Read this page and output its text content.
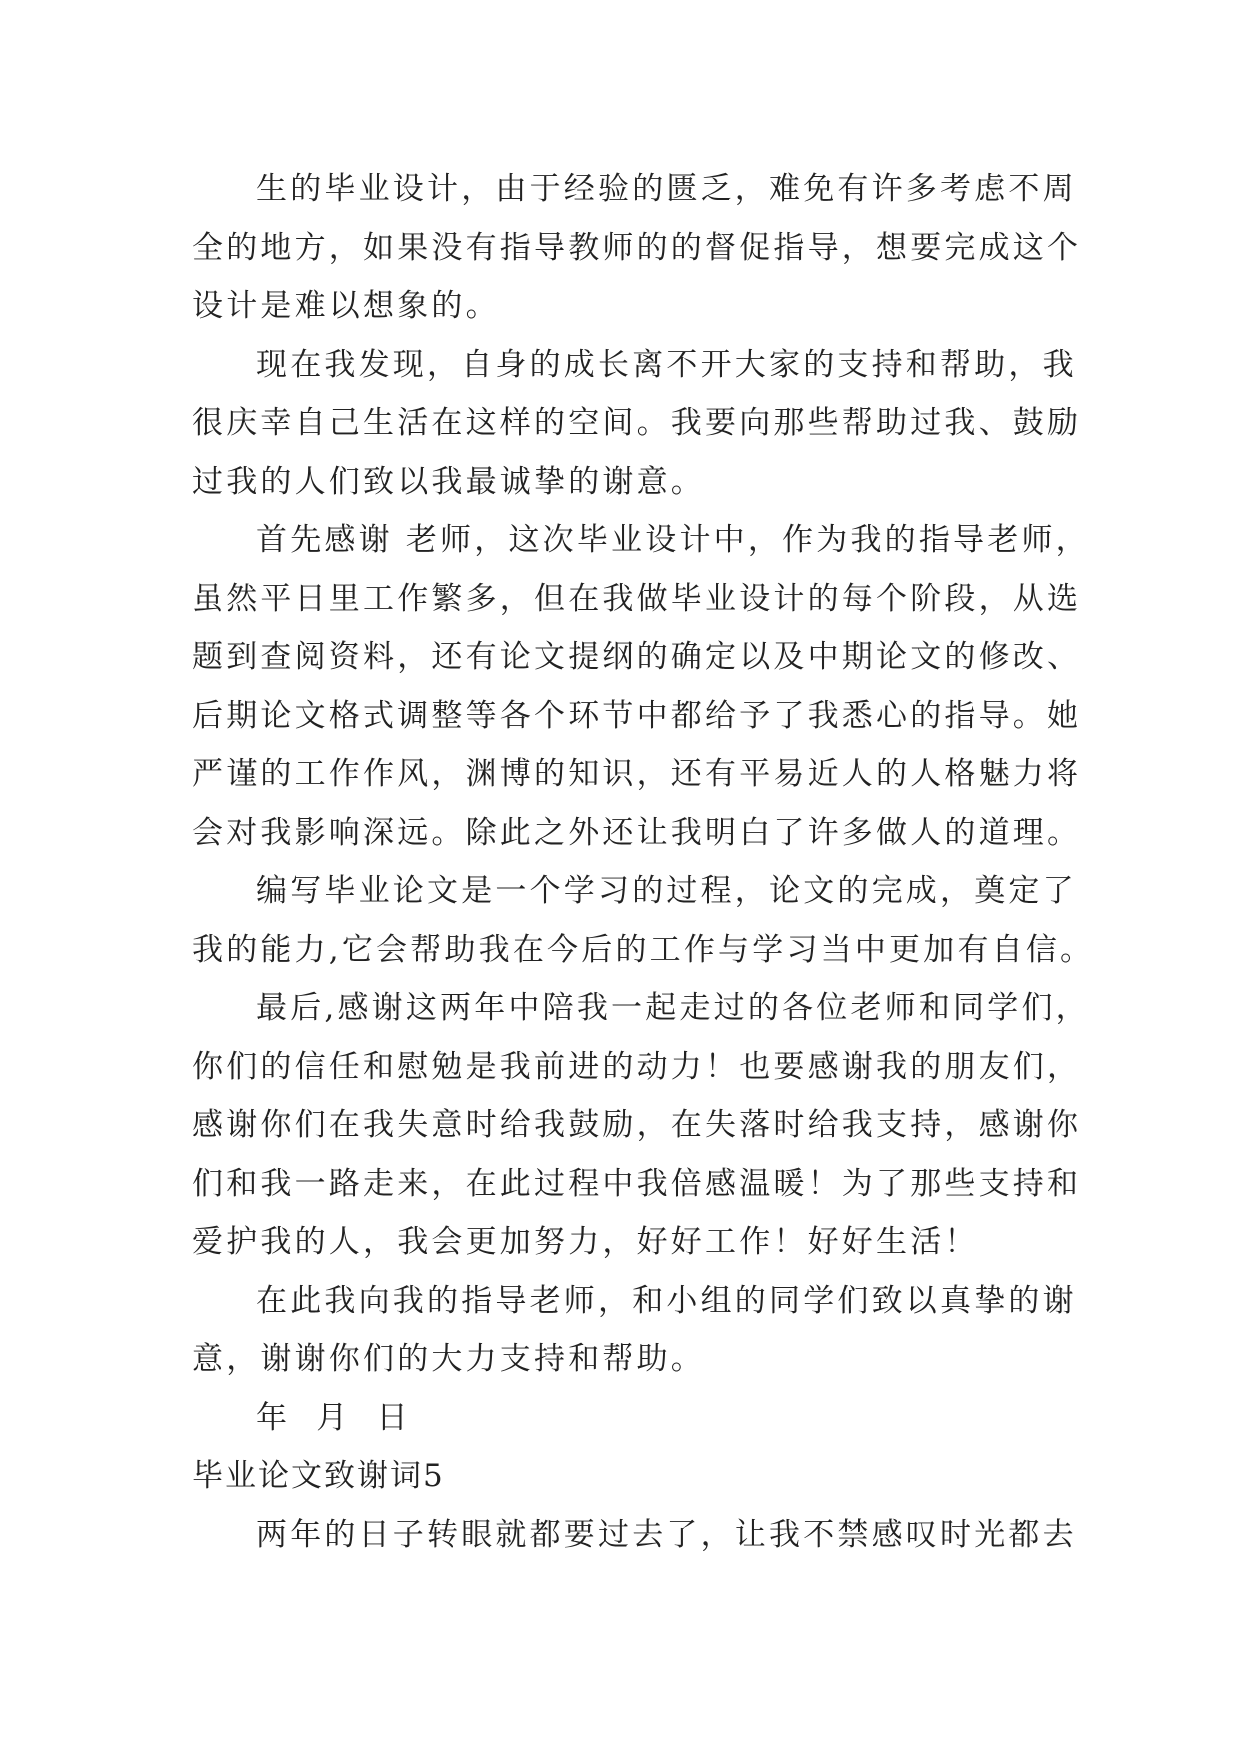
生的毕业设计，由于经验的匮乏，难免有许多考虑不周
全的地方，如果没有指导教师的的督促指导，想要完成这个
设计是难以想象的。
现在我发现，自身的成长离不开大家的支持和帮助，我
很庆幸自己生活在这样的空间。我要向那些帮助过我、鼓励
过我的人们致以我最诚挚的谢意。
首先感谢 老师，这次毕业设计中，作为我的指导老师，
虽然平日里工作繁多，但在我做毕业设计的每个阶段，从选
题到查阅资料，还有论文提纲的确定以及中期论文的修改、
后期论文格式调整等各个环节中都给予了我悉心的指导。她
严谨的工作作风，渊博的知识，还有平易近人的人格魅力将
会对我影响深远。除此之外还让我明白了许多做人的道理。
编写毕业论文是一个学习的过程，论文的完成，奠定了
我的能力,它会帮助我在今后的工作与学习当中更加有自信。
最后,感谢这两年中陪我一起走过的各位老师和同学们，
你们的信任和慰勉是我前进的动力！也要感谢我的朋友们，
感谢你们在我失意时给我鼓励，在失落时给我支持，感谢你
们和我一路走来，在此过程中我倍感温暖！为了那些支持和
爱护我的人，我会更加努力，好好工作！好好生活！
在此我向我的指导老师，和小组的同学们致以真挚的谢
意，谢谢你们的大力支持和帮助。
年  月  日
毕业论文致谢词5
两年的日子转眼就都要过去了，让我不禁感叹时光都去
